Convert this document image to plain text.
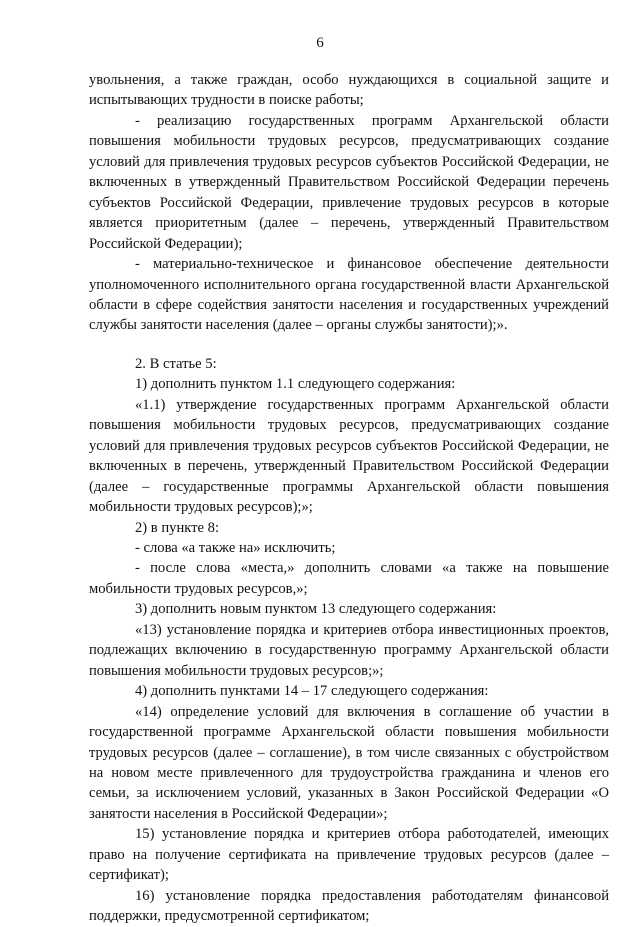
6

увольнения, а также граждан, особо нуждающихся в социальной защите и испытывающих трудности в поиске работы;

- реализацию государственных программ Архангельской области повышения мобильности трудовых ресурсов, предусматривающих создание условий для привлечения трудовых ресурсов субъектов Российской Федерации, не включенных в утвержденный Правительством Российской Федерации перечень субъектов Российской Федерации, привлечение трудовых ресурсов в которые является приоритетным (далее – перечень, утвержденный Правительством Российской Федерации);

- материально-техническое и финансовое обеспечение деятельности уполномоченного исполнительного органа государственной власти Архангельской области в сфере содействия занятости населения и государственных учреждений службы занятости населения (далее – органы службы занятости);».

2. В статье 5:

1) дополнить пунктом 1.1 следующего содержания:

«1.1) утверждение государственных программ Архангельской области повышения мобильности трудовых ресурсов, предусматривающих создание условий для привлечения трудовых ресурсов субъектов Российской Федерации, не включенных в перечень, утвержденный Правительством Российской Федерации (далее – государственные программы Архангельской области повышения мобильности трудовых ресурсов);»;

2) в пункте 8:

- слова «а также на» исключить;

- после слова «места,» дополнить словами «а также на повышение мобильности трудовых ресурсов,»;

3) дополнить новым пунктом 13 следующего содержания:

«13) установление порядка и критериев отбора инвестиционных проектов, подлежащих включению в государственную программу Архангельской области повышения мобильности трудовых ресурсов;»;

4) дополнить пунктами 14 – 17 следующего содержания:

«14) определение условий для включения в соглашение об участии в государственной программе Архангельской области повышения мобильности трудовых ресурсов (далее – соглашение), в том числе связанных с обустройством на новом месте привлеченного для трудоустройства гражданина и членов его семьи, за исключением условий, указанных в Закон Российской Федерации «О занятости населения в Российской Федерации»;

15) установление порядка и критериев отбора работодателей, имеющих право на получение сертификата на привлечение трудовых ресурсов (далее – сертификат);

16) установление порядка предоставления работодателям финансовой поддержки, предусмотренной сертификатом;
